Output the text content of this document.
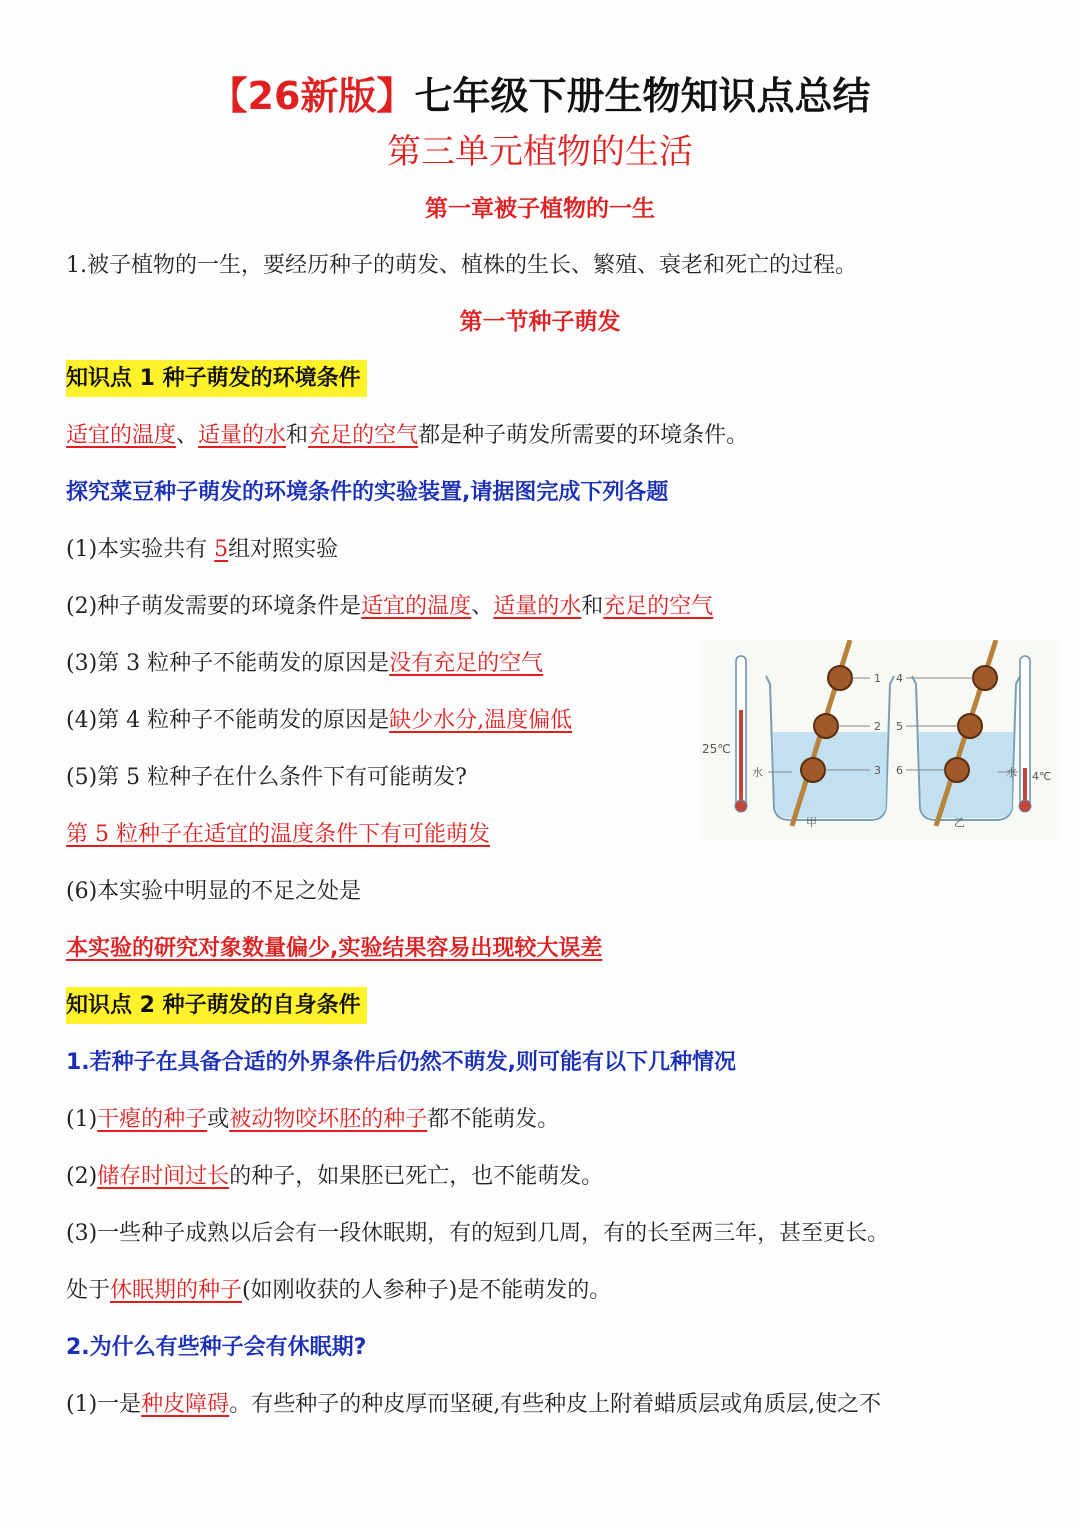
【26新版】七年级下册生物知识点总结
第三单元植物的生活
第一章被子植物的一生
1.被子植物的一生，要经历种子的萌发、植株的生长、繁殖、衰老和死亡的过程。
第一节种子萌发
知识点 1 种子萌发的环境条件
适宜的温度、适量的水和充足的空气都是种子萌发所需要的环境条件。
探究菜豆种子萌发的环境条件的实验装置,请据图完成下列各题
(1)本实验共有 5组对照实验
(2)种子萌发需要的环境条件是适宜的温度、适量的水和充足的空气
(3)第 3 粒种子不能萌发的原因是没有充足的空气
(4)第 4 粒种子不能萌发的原因是缺少水分,温度偏低
(5)第 5 粒种子在什么条件下有可能萌发?
第 5 粒种子在适宜的温度条件下有可能萌发
(6)本实验中明显的不足之处是
本实验的研究对象数量偏少,实验结果容易出现较大误差
25℃
1
2
3
水
甲
4
5
6	水
乙
4℃
知识点 2 种子萌发的自身条件
1.若种子在具备合适的外界条件后仍然不萌发,则可能有以下几种情况
(1)干瘪的种子或被动物咬坏胚的种子都不能萌发。
(2)储存时间过长的种子，如果胚已死亡，也不能萌发。
(3)一些种子成熟以后会有一段休眠期，有的短到几周，有的长至两三年，甚至更长。
处于休眠期的种子(如刚收获的人参种子)是不能萌发的。
2.为什么有些种子会有休眠期?
(1)一是种皮障碍。有些种子的种皮厚而坚硬,有些种皮上附着蜡质层或角质层,使之不
